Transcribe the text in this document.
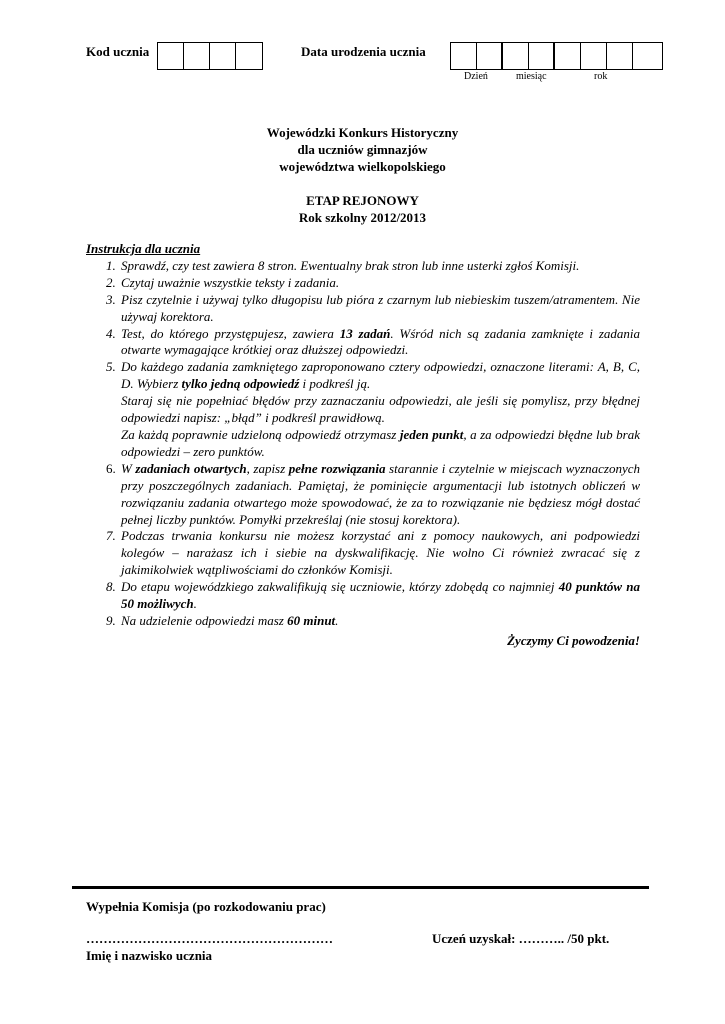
Kod ucznia	Data urodzenia ucznia
Dzień	miesiąc	rok
Wojewódzki Konkurs Historyczny
dla uczniów gimnazjów
województwa wielkopolskiego
ETAP REJONOWY
Rok szkolny 2012/2013
Instrukcja dla ucznia
1. Sprawdź, czy test zawiera 8 stron. Ewentualny brak stron lub inne usterki zgłoś Komisji.
2. Czytaj uważnie wszystkie teksty i zadania.
3. Pisz czytelnie i używaj tylko długopisu lub pióra z czarnym lub niebieskim tuszem/atramentem. Nie używaj korektora.
4. Test, do którego przystępujesz, zawiera 13 zadań. Wśród nich są zadania zamknięte i zadania otwarte wymagające krótkiej oraz dłuższej odpowiedzi.
5. Do każdego zadania zamkniętego zaproponowano cztery odpowiedzi, oznaczone literami: A, B, C, D. Wybierz tylko jedną odpowiedź i podkreśl ją.
Staraj się nie popełniać błędów przy zaznaczaniu odpowiedzi, ale jeśli się pomylisz, przy błędnej odpowiedzi napisz: „błąd” i podkreśl prawidłową.
Za każdą poprawnie udzieloną odpowiedź otrzymasz jeden punkt, a za odpowiedzi błędne lub brak odpowiedzi – zero punktów.
6. W zadaniach otwartych, zapisz pełne rozwiązania starannie i czytelnie w miejscach wyznaczonych przy poszczególnych zadaniach. Pamiętaj, że pominięcie argumentacji lub istotnych obliczeń w rozwiązaniu zadania otwartego może spowodować, że za to rozwiązanie nie będziesz mógł dostać pełnej liczby punktów. Pomyłki przekreślaj (nie stosuj korektora).
7. Podczas trwania konkursu nie możesz korzystać ani z pomocy naukowych, ani podpowiedzi kolegów – narażasz ich i siebie na dyskwalifikację. Nie wolno Ci również zwracać się z jakimikolwiek wątpliwościami do członków Komisji.
8. Do etapu wojewódzkiego zakwalifikują się uczniowie, którzy zdobędą co najmniej 40 punktów na 50 możliwych.
9. Na udzielenie odpowiedzi masz 60 minut.
Życzymy Ci powodzenia!
Wypełnia Komisja (po rozkodowaniu prac)
…………………………………………………	Uczeń uzyskał: ……….. /50 pkt.
Imię i nazwisko ucznia
